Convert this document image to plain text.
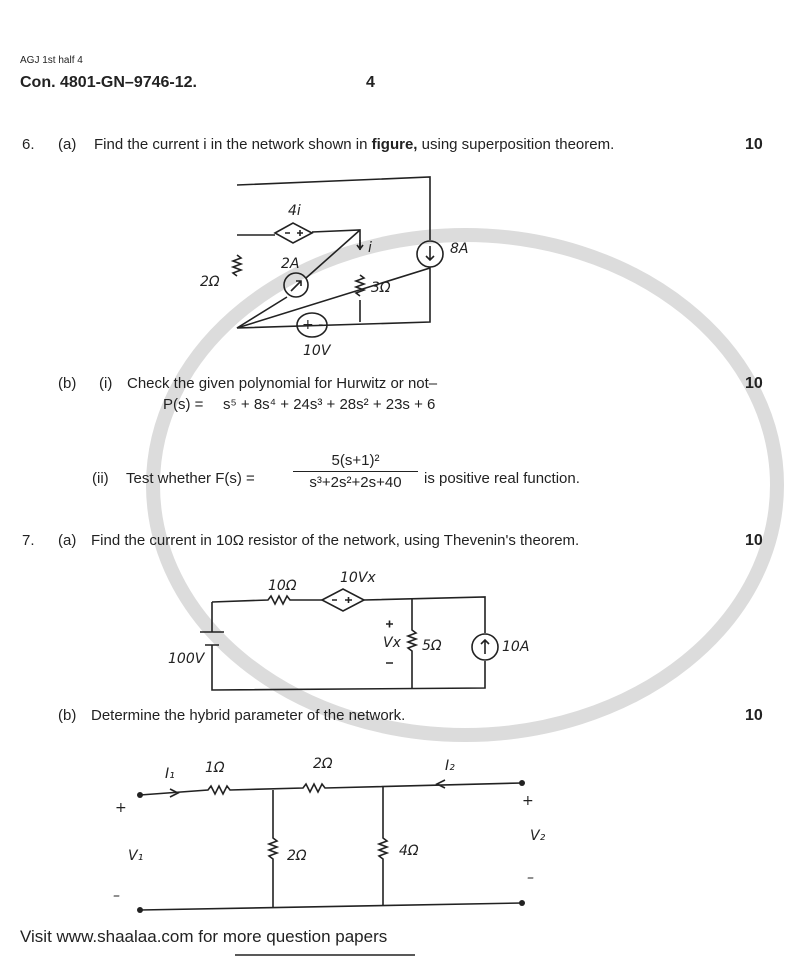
AGJ 1st half 4
Con. 4801-GN–9746-12.	4
6. (a) Find the current i in the network shown in figure, using superposition theorem.	10
4i
i
2A
2Ω	3Ω
8A
+ -
10V
(b) (i) Check the given polynomial for Hurwitz or not–	10
P(s) = s⁵ + 8s⁴ + 24s³ + 28s² + 23s + 6
(ii) Test whether F(s) =	$\frac{\text{5(s+1)²}}{\text{s³+2s²+2s+40}}$ is positive real function.
7. (a) Find the current in 10Ω resistor of the network, using Thevenin's theorem.	10
10Ω	10Vx
Vx 5Ω	10A
100V
(b) Determine the hybrid parameter of the network.	10
I₁ 1Ω	2Ω	I₂
2Ω	4Ω
+
V₁
–
+
V₂
–
Visit www.shaalaa.com for more question papers
